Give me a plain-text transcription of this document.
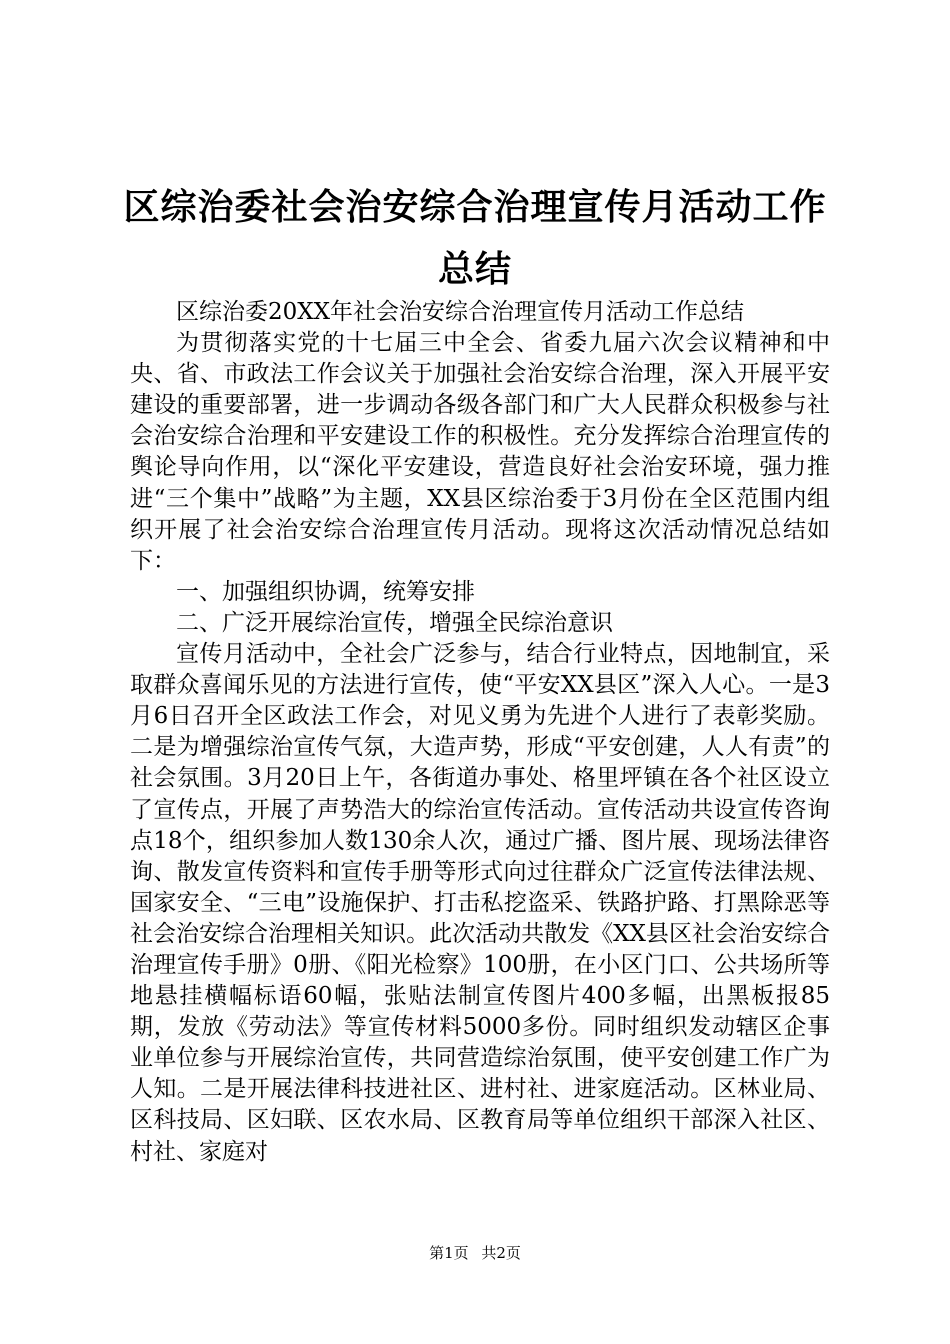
区综治委社会治安综合治理宣传月活动工作总结

区综治委20XX年社会治安综合治理宣传月活动工作总结

为贯彻落实党的十七届三中全会、省委九届六次会议精神和中央、省、市政法工作会议关于加强社会治安综合治理，深入开展平安建设的重要部署，进一步调动各级各部门和广大人民群众积极参与社会治安综合治理和平安建设工作的积极性。充分发挥综合治理宣传的舆论导向作用，以“深化平安建设，营造良好社会治安环境，强力推进“三个集中”战略”为主题，XX县区综治委于3月份在全区范围内组织开展了社会治安综合治理宣传月活动。现将这次活动情况总结如下：

一、加强组织协调，统筹安排

二、广泛开展综治宣传，增强全民综治意识

宣传月活动中，全社会广泛参与，结合行业特点，因地制宜，采取群众喜闻乐见的方法进行宣传，使“平安XX县区”深入人心。一是3月6日召开全区政法工作会，对见义勇为先进个人进行了表彰奖励。二是为增强综治宣传气氛，大造声势，形成“平安创建，人人有责”的社会氛围。3月20日上午，各街道办事处、格里坪镇在各个社区设立了宣传点，开展了声势浩大的综治宣传活动。宣传活动共设宣传咨询点18个，组织参加人数130余人次，通过广播、图片展、现场法律咨询、散发宣传资料和宣传手册等形式向过往群众广泛宣传法律法规、国家安全、“三电”设施保护、打击私挖盗采、铁路护路、打黑除恶等社会治安综合治理相关知识。此次活动共散发《XX县区社会治安综合治理宣传手册》0册、《阳光检察》100册，在小区门口、公共场所等地悬挂横幅标语60幅，张贴法制宣传图片400多幅，出黑板报85期，发放《劳动法》等宣传材料5000多份。同时组织发动辖区企事业单位参与开展综治宣传，共同营造综治氛围，使平安创建工作广为人知。二是开展法律科技进社区、进村社、进家庭活动。区林业局、区科技局、区妇联、区农水局、区教育局等单位组织干部深入社区、村社、家庭对

第1页 共2页
